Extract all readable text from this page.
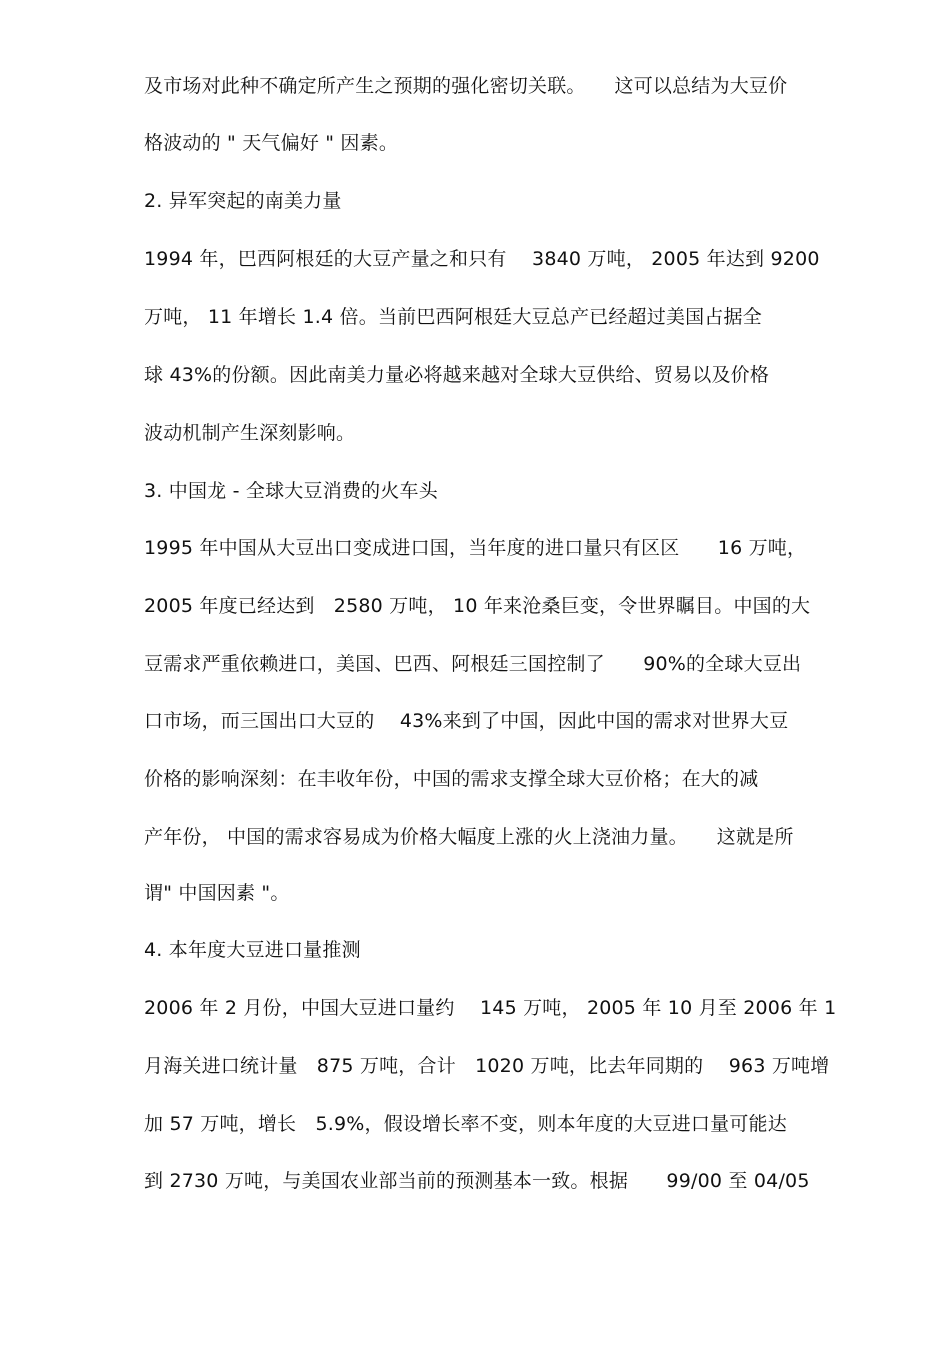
及市场对此种不确定所产生之预期的强化密切关联。　　这可以总结为大豆价
格波动的 " 天气偏好 " 因素。
2. 异军突起的南美力量
1994 年，巴西阿根廷的大豆产量之和只有　 3840 万吨， 2005 年达到 9200
万吨， 11 年增长 1.4 倍。当前巴西阿根廷大豆总产已经超过美国占据全
球 43%的份额。因此南美力量必将越来越对全球大豆供给、贸易以及价格
波动机制产生深刻影响。
3. 中国龙 - 全球大豆消费的火车头
1995 年中国从大豆出口变成进口国，当年度的进口量只有区区　　16 万吨，
2005 年度已经达到　2580 万吨， 10 年来沧桑巨变，令世界瞩目。中国的大
豆需求严重依赖进口，美国、巴西、阿根廷三国控制了　　90%的全球大豆出
口市场，而三国出口大豆的　 43%来到了中国，因此中国的需求对世界大豆
价格的影响深刻：在丰收年份，中国的需求支撑全球大豆价格；在大的减
产年份， 中国的需求容易成为价格大幅度上涨的火上浇油力量。　　这就是所
谓" 中国因素 "。
4. 本年度大豆进口量推测
2006 年 2 月份，中国大豆进口量约　 145 万吨， 2005 年 10 月至 2006 年 1
月海关进口统计量　875 万吨，合计　1020 万吨，比去年同期的　 963 万吨增
加 57 万吨，增长　5.9%，假设增长率不变，则本年度的大豆进口量可能达
到 2730 万吨，与美国农业部当前的预测基本一致。根据　　99/00 至 04/05
